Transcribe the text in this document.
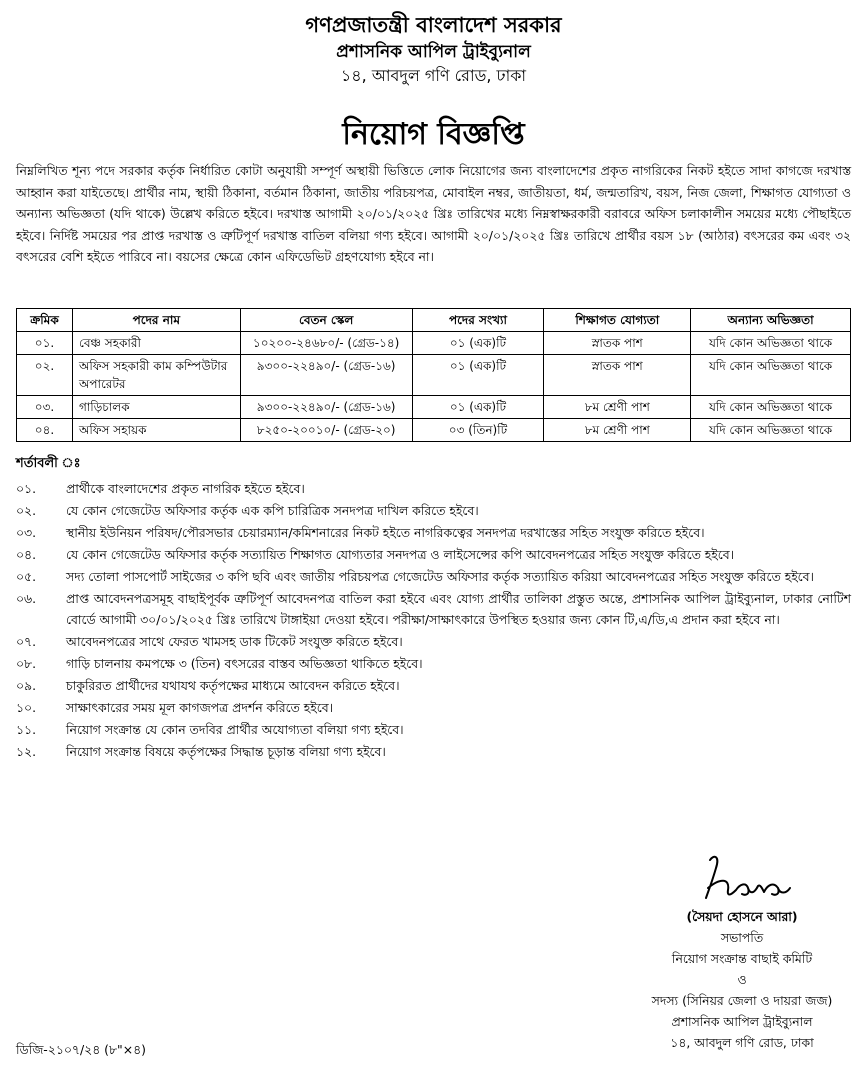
গণপ্রজাতন্ত্রী বাংলাদেশ সরকার
প্রশাসনিক আপিল ট্রাইব্যুনাল
১৪, আবদুল গণি রোড, ঢাকা
নিয়োগ বিজ্ঞপ্তি
নিম্নলিখিত শূন্য পদে সরকার কর্তৃক নির্ধারিত কোটা অনুযায়ী সম্পূর্ণ অস্থায়ী ভিত্তিতে লোক নিয়োগের জন্য বাংলাদেশের প্রকৃত নাগরিকের নিকট হইতে সাদা কাগজে দরখাস্ত আহ্বান করা যাইতেছে। প্রার্থীর নাম, স্থায়ী ঠিকানা, বর্তমান ঠিকানা, জাতীয় পরিচয়পত্র, মোবাইল নম্বর, জাতীয়তা, ধর্ম, জন্মতারিখ, বয়স, নিজ জেলা, শিক্ষাগত যোগ্যতা ও অন্যান্য অভিজ্ঞতা (যদি থাকে) উল্লেখ করিতে হইবে। দরখাস্ত আগামী ২০/০১/২০২৫ খ্রিঃ তারিখের মধ্যে নিম্নস্বাক্ষরকারী বরাবরে অফিস চলাকালীন সময়ের মধ্যে পৌছাইতে হইবে। নির্দিষ্ট সময়ের পর প্রাপ্ত দরখাস্ত ও ত্রুটিপূর্ণ দরখাস্ত বাতিল বলিয়া গণ্য হইবে। আগামী ২০/০১/২০২৫ খ্রিঃ তারিখে প্রার্থীর বয়স ১৮ (আঠার) বৎসরের কম এবং ৩২ বৎসরের বেশি হইতে পারিবে না। বয়সের ক্ষেত্রে কোন এফিডেভিট গ্রহণযোগ্য হইবে না।
ক্রমিক	পদের নাম	বেতন স্কেল	পদের সংখ্যা	শিক্ষাগত যোগ্যতা	অন্যান্য অভিজ্ঞতা
০১.	বেঞ্চ সহকারী	১০২০০-২৪৬৮০/- (গ্রেড-১৪)	০১ (এক)টি	স্নাতক পাশ	যদি কোন অভিজ্ঞতা থাকে
০২.	অফিস সহকারী কাম কম্পিউটার অপারেটর	৯৩০০-২২৪৯০/- (গ্রেড-১৬)	০১ (এক)টি	স্নাতক পাশ	যদি কোন অভিজ্ঞতা থাকে
০৩.	গাড়িচালক	৯৩০০-২২৪৯০/- (গ্রেড-১৬)	০১ (এক)টি	৮ম শ্রেণী পাশ	যদি কোন অভিজ্ঞতা থাকে
০৪.	অফিস সহায়ক	৮২৫০-২০০১০/- (গ্রেড-২০)	০৩ (তিন)টি	৮ম শ্রেণী পাশ	যদি কোন অভিজ্ঞতা থাকে
শর্তাবলী ঃ
০১.	প্রার্থীকে বাংলাদেশের প্রকৃত নাগরিক হইতে হইবে।
০২.	যে কোন গেজেটেড অফিসার কর্তৃক এক কপি চারিত্রিক সনদপত্র দাখিল করিতে হইবে।
০৩.	স্থানীয় ইউনিয়ন পরিষদ/পৌরসভার চেয়ারম্যান/কমিশনারের নিকট হইতে নাগরিকত্বের সনদপত্র দরখাস্তের সহিত সংযুক্ত করিতে হইবে।
০৪.	যে কোন গেজেটেড অফিসার কর্তৃক সত্যায়িত শিক্ষাগত যোগ্যতার সনদপত্র ও লাইসেন্সের কপি আবেদনপত্রের সহিত সংযুক্ত করিতে হইবে।
০৫.	সদ্য তোলা পাসপোর্ট সাইজের ৩ কপি ছবি এবং জাতীয় পরিচয়পত্র গেজেটেড অফিসার কর্তৃক সত্যায়িত করিয়া আবেদনপত্রের সহিত সংযুক্ত করিতে হইবে।
০৬.	প্রাপ্ত আবেদনপত্রসমূহ বাছাইপূর্বক ত্রুটিপূর্ণ আবেদনপত্র বাতিল করা হইবে এবং যোগ্য প্রার্থীর তালিকা প্রস্তুত অন্তে, প্রশাসনিক আপিল ট্রাইব্যুনাল, ঢাকার নোটিশ বোর্ডে আগামী ৩০/০১/২০২৫ খ্রিঃ তারিখে টাঙ্গাইয়া দেওয়া হইবে। পরীক্ষা/সাক্ষাৎকারে উপস্থিত হওয়ার জন্য কোন টি,এ/ডি,এ প্রদান করা হইবে না।
০৭.	আবেদনপত্রের সাথে ফেরত খামসহ ডাক টিকেট সংযুক্ত করিতে হইবে।
০৮.	গাড়ি চালনায় কমপক্ষে ৩ (তিন) বৎসরের বাস্তব অভিজ্ঞতা থাকিতে হইবে।
০৯.	চাকুরিরত প্রার্থীদের যথাযথ কর্তৃপক্ষের মাধ্যমে আবেদন করিতে হইবে।
১০.	সাক্ষাৎকারের সময় মূল কাগজপত্র প্রদর্শন করিতে হইবে।
১১.	নিয়োগ সংক্রান্ত যে কোন তদবির প্রার্থীর অযোগ্যতা বলিয়া গণ্য হইবে।
১২.	নিয়োগ সংক্রান্ত বিষয়ে কর্তৃপক্ষের সিদ্ধান্ত চূড়ান্ত বলিয়া গণ্য হইবে।
(সৈয়দা হোসনে আরা)
সভাপতি
নিয়োগ সংক্রান্ত বাছাই কমিটি
ও
সদস্য (সিনিয়র জেলা ও দায়রা জজ)
প্রশাসনিক আপিল ট্রাইব্যুনাল
১৪, আবদুল গণি রোড, ঢাকা
ডিজি-২১০৭/২৪ (৮"×৪)
